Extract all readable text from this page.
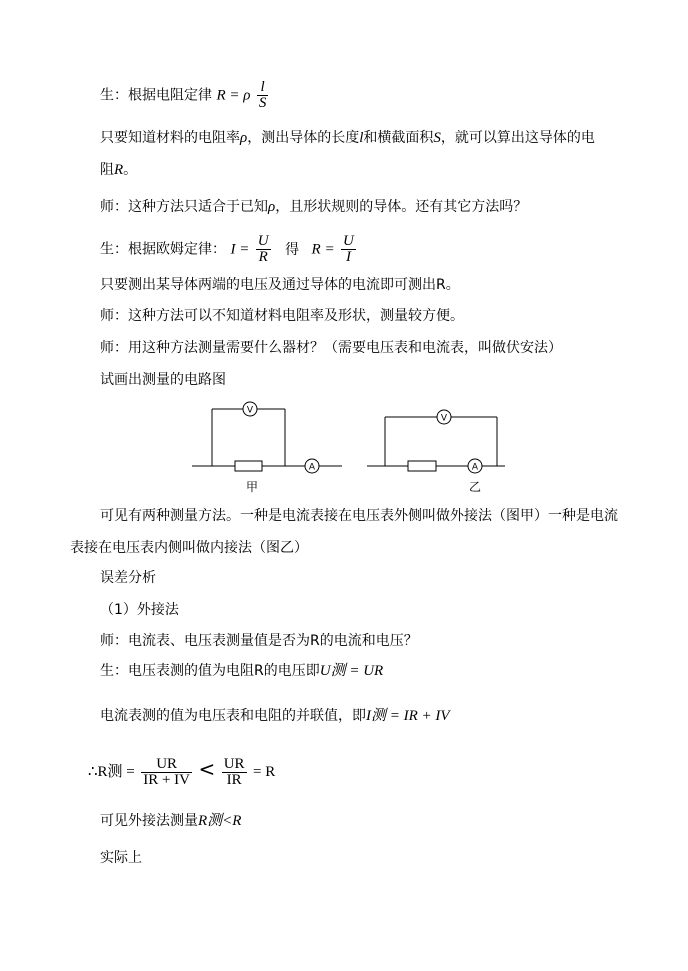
生：根据电阻定律 R = ρ $\frac{l}{S}$
只要知道材料的电阻率ρ，测出导体的长度l和横截面积S，就可以算出这导体的电
阻R。
师：这种方法只适合于已知ρ，且形状规则的导体。还有其它方法吗？
生：根据欧姆定律： $I = \frac{U}{R}$ 得 $R = \frac{U}{I}$
只要测出某导体两端的电压及通过导体的电流即可测出R。
师：这种方法可以不知道材料电阻率及形状，测量较方便。
师：用这种方法测量需要什么器材？（需要电压表和电流表，叫做伏安法）
试画出测量的电路图
V
A
甲
V
A
乙
可见有两种测量方法。一种是电流表接在电压表外侧叫做外接法（图甲）一种是电流
表接在电压表内侧叫做内接法（图乙）
误差分析
（1）外接法
师：电流表、电压表测量值是否为R的电流和电压？
生：电压表测的值为电阻R的电压即U测 = UR
电流表测的值为电压表和电阻的并联值，即I测 = IR + IV
∴R测 = $\frac{UR}{IR + IV} < \frac{UR}{IR} = R$
可见外接法测量R测<R
实际上
